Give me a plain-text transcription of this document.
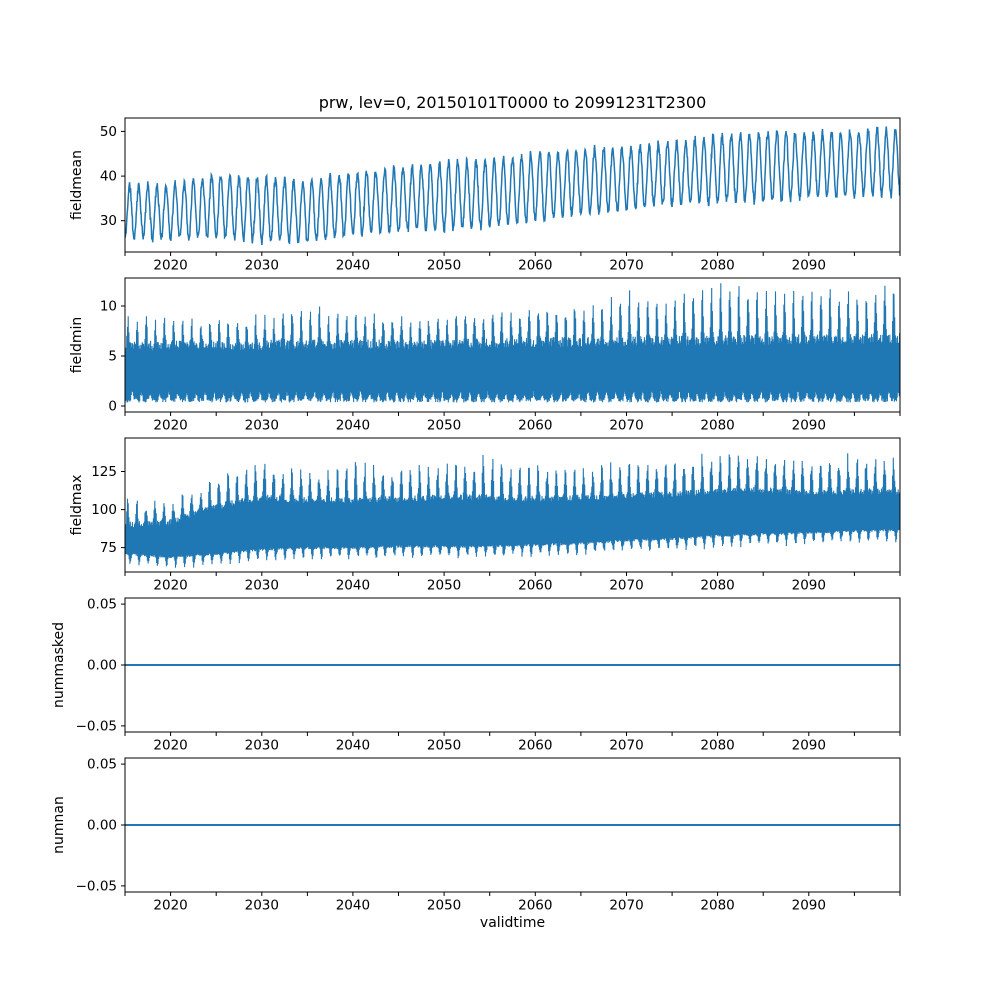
2020	2030	2040	2050	2060	2070	2080	2090
30
40
50
2020	2030	2040	2050	2060	2070	2080	2090
0
5
10
2020	2030	2040	2050	2060	2070	2080	2090
75
100
125
2020	2030	2040	2050	2060	2070	2080	2090
0.05
0.00
−0.05
2020	2030	2040	2050	2060	2070	2080	2090
0.05
0.00
−0.05
prw, lev=0, 20150101T0000 to 20991231T2300
fieldmean
fieldmin
fieldmax
nummasked
numnan
validtime
